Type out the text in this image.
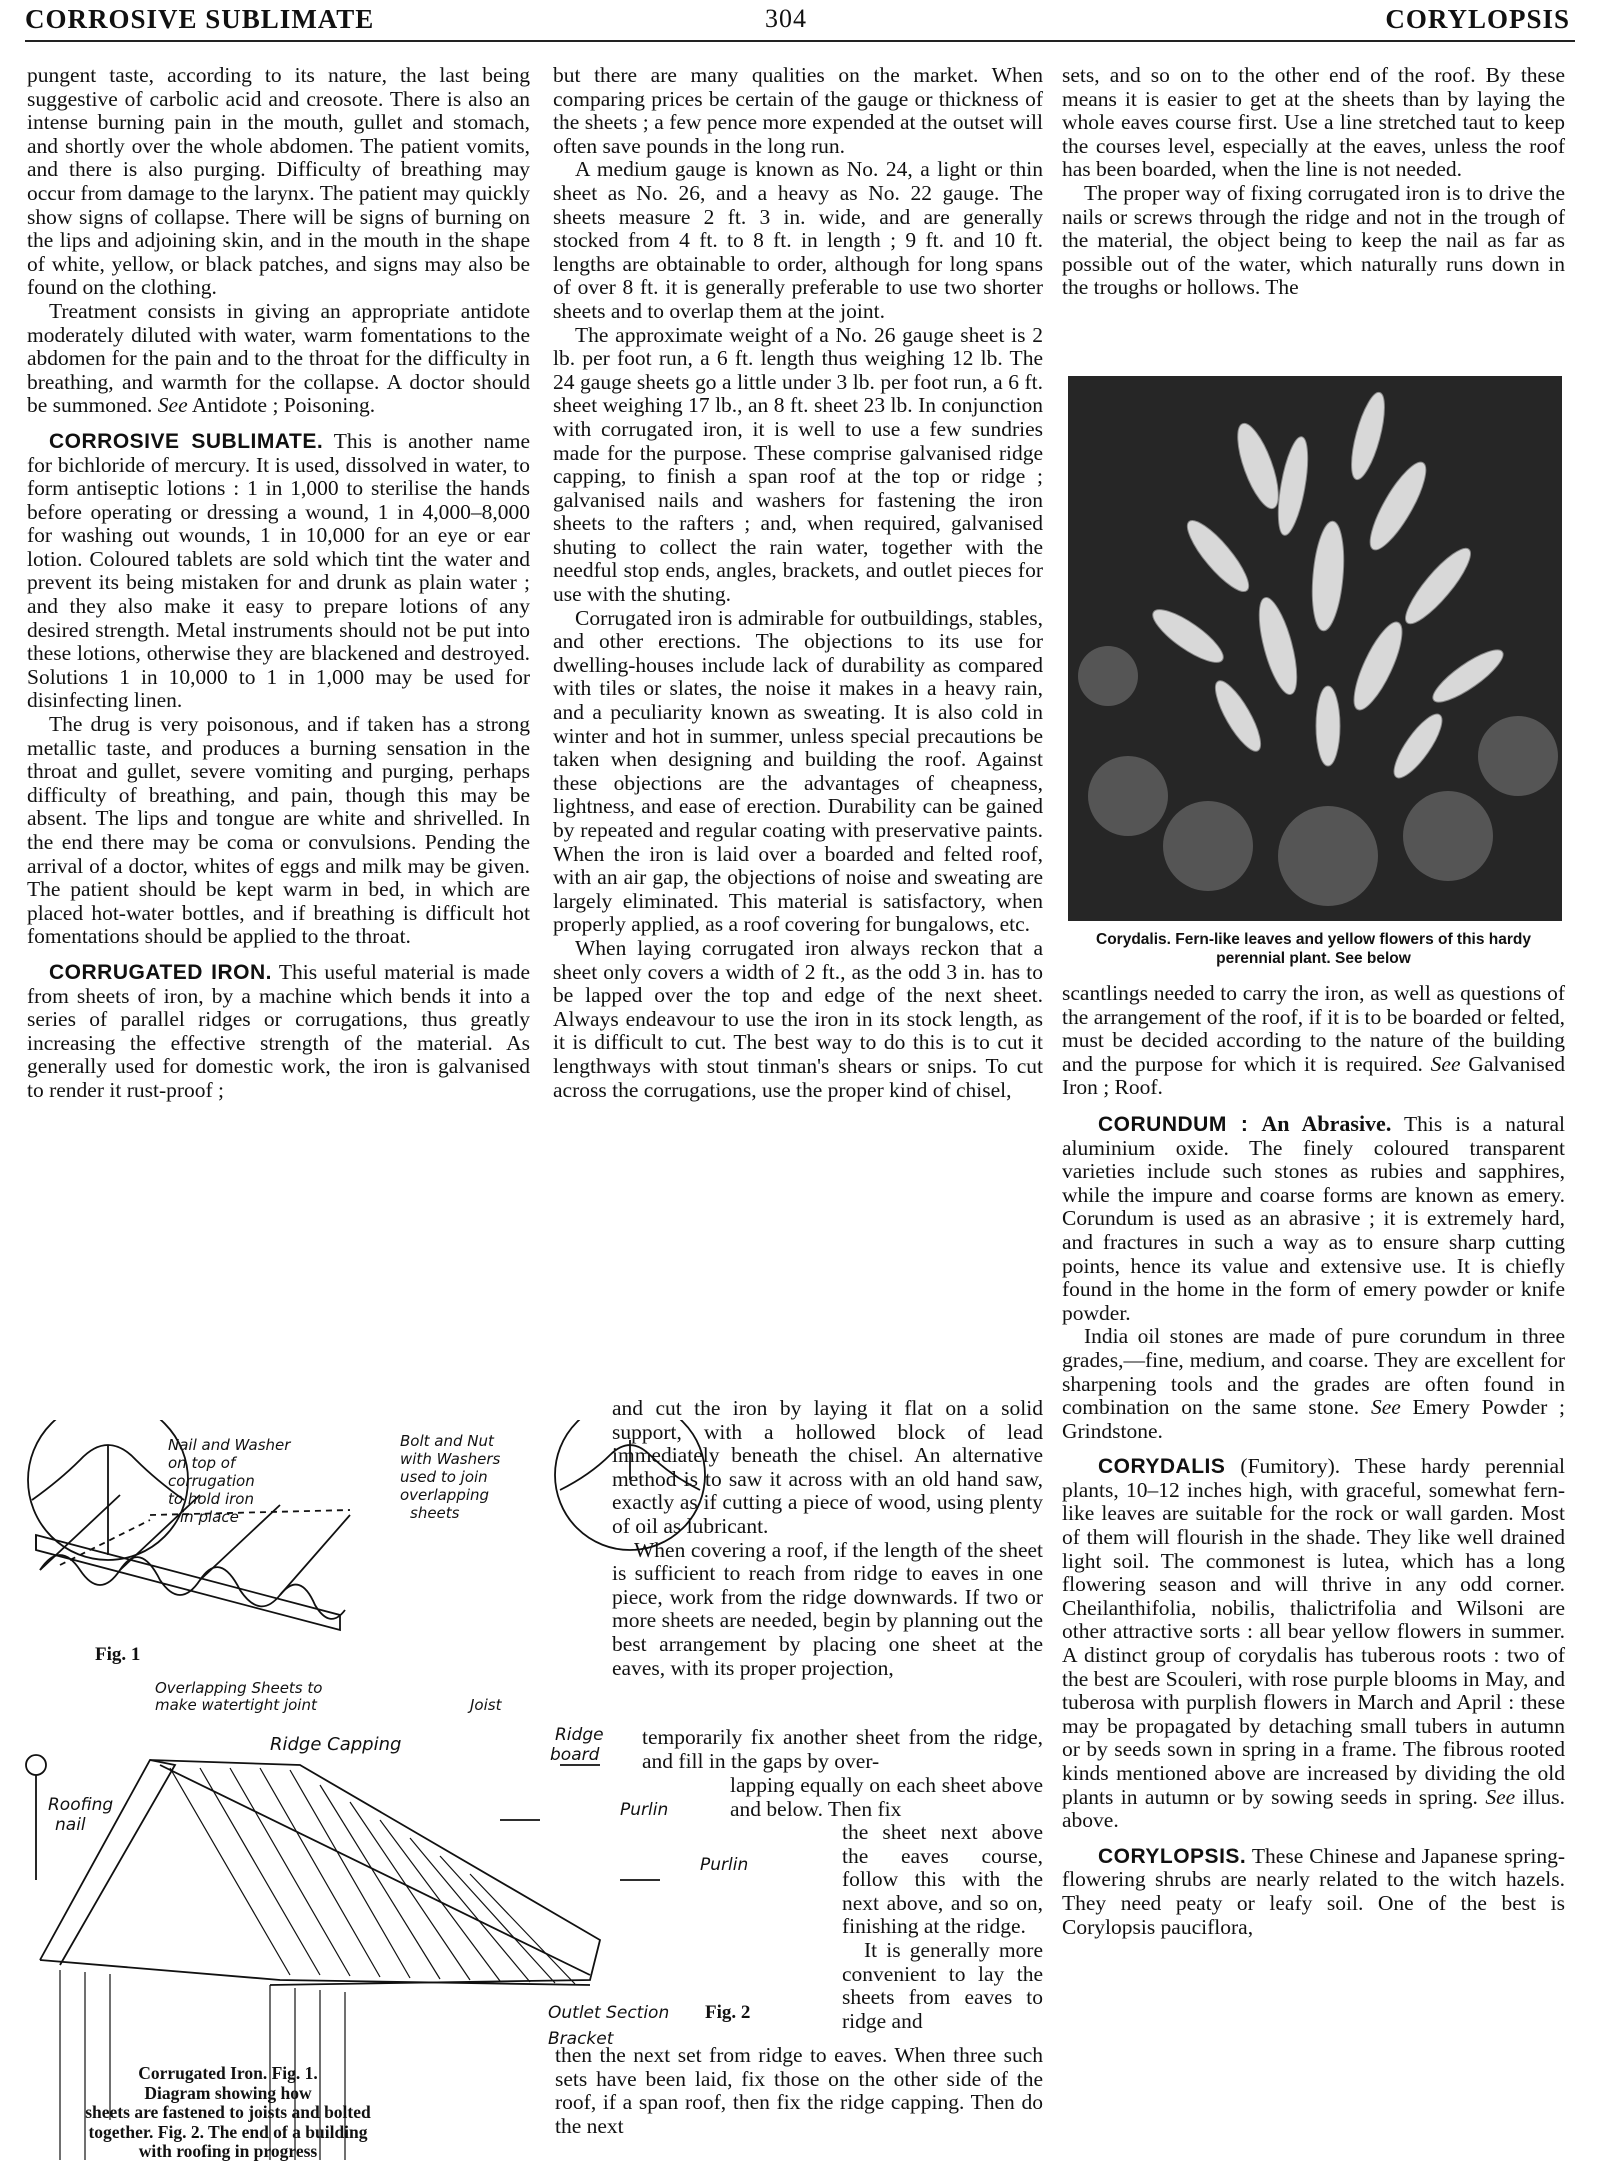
CORROSIVE SUBLIMATE	304	CORYLOPSIS

pungent taste, according to its nature, the last being suggestive of carbolic acid and creosote. There is also an intense burning pain in the mouth, gullet and stomach, and shortly over the whole abdomen. The patient vomits, and there is also purging. Difficulty of breathing may occur from damage to the larynx. The patient may quickly show signs of collapse. There will be signs of burning on the lips and adjoining skin, and in the mouth in the shape of white, yellow, or black patches, and signs may also be found on the clothing.

Treatment consists in giving an appropriate antidote moderately diluted with water, warm fomentations to the abdomen for the pain and to the throat for the difficulty in breathing, and warmth for the collapse. A doctor should be summoned. See Antidote ; Poisoning.

CORROSIVE SUBLIMATE. This is another name for bichloride of mercury. It is used, dissolved in water, to form antiseptic lotions : 1 in 1,000 to sterilise the hands before operating or dressing a wound, 1 in 4,000–8,000 for washing out wounds, 1 in 10,000 for an eye or ear lotion. Coloured tablets are sold which tint the water and prevent its being mistaken for and drunk as plain water ; and they also make it easy to prepare lotions of any desired strength. Metal instruments should not be put into these lotions, otherwise they are blackened and destroyed. Solutions 1 in 10,000 to 1 in 1,000 may be used for disinfecting linen.

The drug is very poisonous, and if taken has a strong metallic taste, and produces a burning sensation in the throat and gullet, severe vomiting and purging, perhaps difficulty of breathing, and pain, though this may be absent. The lips and tongue are white and shrivelled. In the end there may be coma or convulsions. Pending the arrival of a doctor, whites of eggs and milk may be given. The patient should be kept warm in bed, in which are placed hot-water bottles, and if breathing is difficult hot fomentations should be applied to the throat.

CORRUGATED IRON. This useful material is made from sheets of iron, by a machine which bends it into a series of parallel ridges or corrugations, thus greatly increasing the effective strength of the material. As generally used for domestic work, the iron is galvanised to render it rust-proof ;

but there are many qualities on the market. When comparing prices be certain of the gauge or thickness of the sheets ; a few pence more expended at the outset will often save pounds in the long run.

A medium gauge is known as No. 24, a light or thin sheet as No. 26, and a heavy as No. 22 gauge. The sheets measure 2 ft. 3 in. wide, and are generally stocked from 4 ft. to 8 ft. in length ; 9 ft. and 10 ft. lengths are obtainable to order, although for long spans of over 8 ft. it is generally preferable to use two shorter sheets and to overlap them at the joint.

The approximate weight of a No. 26 gauge sheet is 2 lb. per foot run, a 6 ft. length thus weighing 12 lb. The 24 gauge sheets go a little under 3 lb. per foot run, a 6 ft. sheet weighing 17 lb., an 8 ft. sheet 23 lb. In conjunction with corrugated iron, it is well to use a few sundries made for the purpose. These comprise galvanised ridge capping, to finish a span roof at the top or ridge ; galvanised nails and washers for fastening the iron sheets to the rafters ; and, when required, galvanised shuting to collect the rain water, together with the needful stop ends, angles, brackets, and outlet pieces for use with the shuting.

Corrugated iron is admirable for outbuildings, stables, and other erections. The objections to its use for dwelling-houses include lack of durability as compared with tiles or slates, the noise it makes in a heavy rain, and a peculiarity known as sweating. It is also cold in winter and hot in summer, unless special precautions be taken when designing and building the roof. Against these objections are the advantages of cheapness, lightness, and ease of erection. Durability can be gained by repeated and regular coating with preservative paints. When the iron is laid over a boarded and felted roof, with an air gap, the objections of noise and sweating are largely eliminated. This material is satisfactory, when properly applied, as a roof covering for bungalows, etc.

When laying corrugated iron always reckon that a sheet only covers a width of 2 ft., as the odd 3 in. has to be lapped over the top and edge of the next sheet. Always endeavour to use the iron in its stock length, as it is difficult to cut. The best way to do this is to cut it lengthways with stout tinman's shears or snips. To cut across the corrugations, use the proper kind of chisel,

and cut the iron by laying it flat on a solid support, with a hollowed block of lead immediately beneath the chisel. An alternative method is to saw it across with an old hand saw, exactly as if cutting a piece of wood, using plenty of oil as lubricant.

When covering a roof, if the length of the sheet is sufficient to reach from ridge to eaves in one piece, work from the ridge downwards. If two or more sheets are needed, begin by planning out the best arrangement by placing one sheet at the eaves, with its proper projection,

temporarily fix another sheet from the ridge, and fill in the gaps by over-

lapping equally on each sheet above and below. Then fix

the sheet next above the eaves course, follow this with the next above, and so on, finishing at the ridge.

It is generally more convenient to lay the sheets from eaves to ridge and

then the next set from ridge to eaves. When three such sets have been laid, fix those on the other side of the roof, if a span roof, then fix the ridge capping. Then do the next

sets, and so on to the other end of the roof. By these means it is easier to get at the sheets than by laying the whole eaves course first. Use a line stretched taut to keep the courses level, especially at the eaves, unless the roof has been boarded, when the line is not needed.

The proper way of fixing corrugated iron is to drive the nails or screws through the ridge and not in the trough of the material, the object being to keep the nail as far as possible out of the water, which naturally runs down in the troughs or hollows. The

Corydalis. Fern-like leaves and yellow flowers of this hardy perennial plant. See below

scantlings needed to carry the iron, as well as questions of the arrangement of the roof, if it is to be boarded or felted, must be decided according to the nature of the building and the purpose for which it is required. See Galvanised Iron ; Roof.

CORUNDUM : An Abrasive. This is a natural aluminium oxide. The finely coloured transparent varieties include such stones as rubies and sapphires, while the impure and coarse forms are known as emery. Corundum is used as an abrasive ; it is extremely hard, and fractures in such a way as to ensure sharp cutting points, hence its value and extensive use. It is chiefly found in the home in the form of emery powder or knife powder.

India oil stones are made of pure corundum in three grades,—fine, medium, and coarse. They are excellent for sharpening tools and the grades are often found in combination on the same stone. See Emery Powder ; Grindstone.

CORYDALIS (Fumitory). These hardy perennial plants, 10–12 inches high, with graceful, somewhat fern-like leaves are suitable for the rock or wall garden. Most of them will flourish in the shade. They like well drained light soil. The commonest is lutea, which has a long flowering season and will thrive in any odd corner. Cheilanthifolia, nobilis, thalictrifolia and Wilsoni are other attractive sorts : all bear yellow flowers in summer. A distinct group of corydalis has tuberous roots : two of the best are Scouleri, with rose purple blooms in May, and tuberosa with purplish flowers in March and April : these may be propagated by detaching small tubers in autumn or by seeds sown in spring in a frame. The fibrous rooted kinds mentioned above are increased by dividing the old plants in autumn or by sowing seeds in spring. See illus. above.

CORYLOPSIS. These Chinese and Japanese spring-flowering shrubs are nearly related to the witch hazels. They need peaty or leafy soil. One of the best is Corylopsis pauciflora,

Fig. 1
Fig. 2
Nail and Washer on top of corrugation to hold iron in place
Bolt and Nut with Washers used to join overlapping sheets
Overlapping Sheets to make watertight joint	Joist
Ridge Capping	Ridge board
Purlin
Purlin
Roofing nail
Outlet Section
Bracket
Corrugated Iron. Fig. 1.
Diagram showing how
sheets are fastened to joists and bolted
together. Fig. 2. The end of a building
with roofing in progress
